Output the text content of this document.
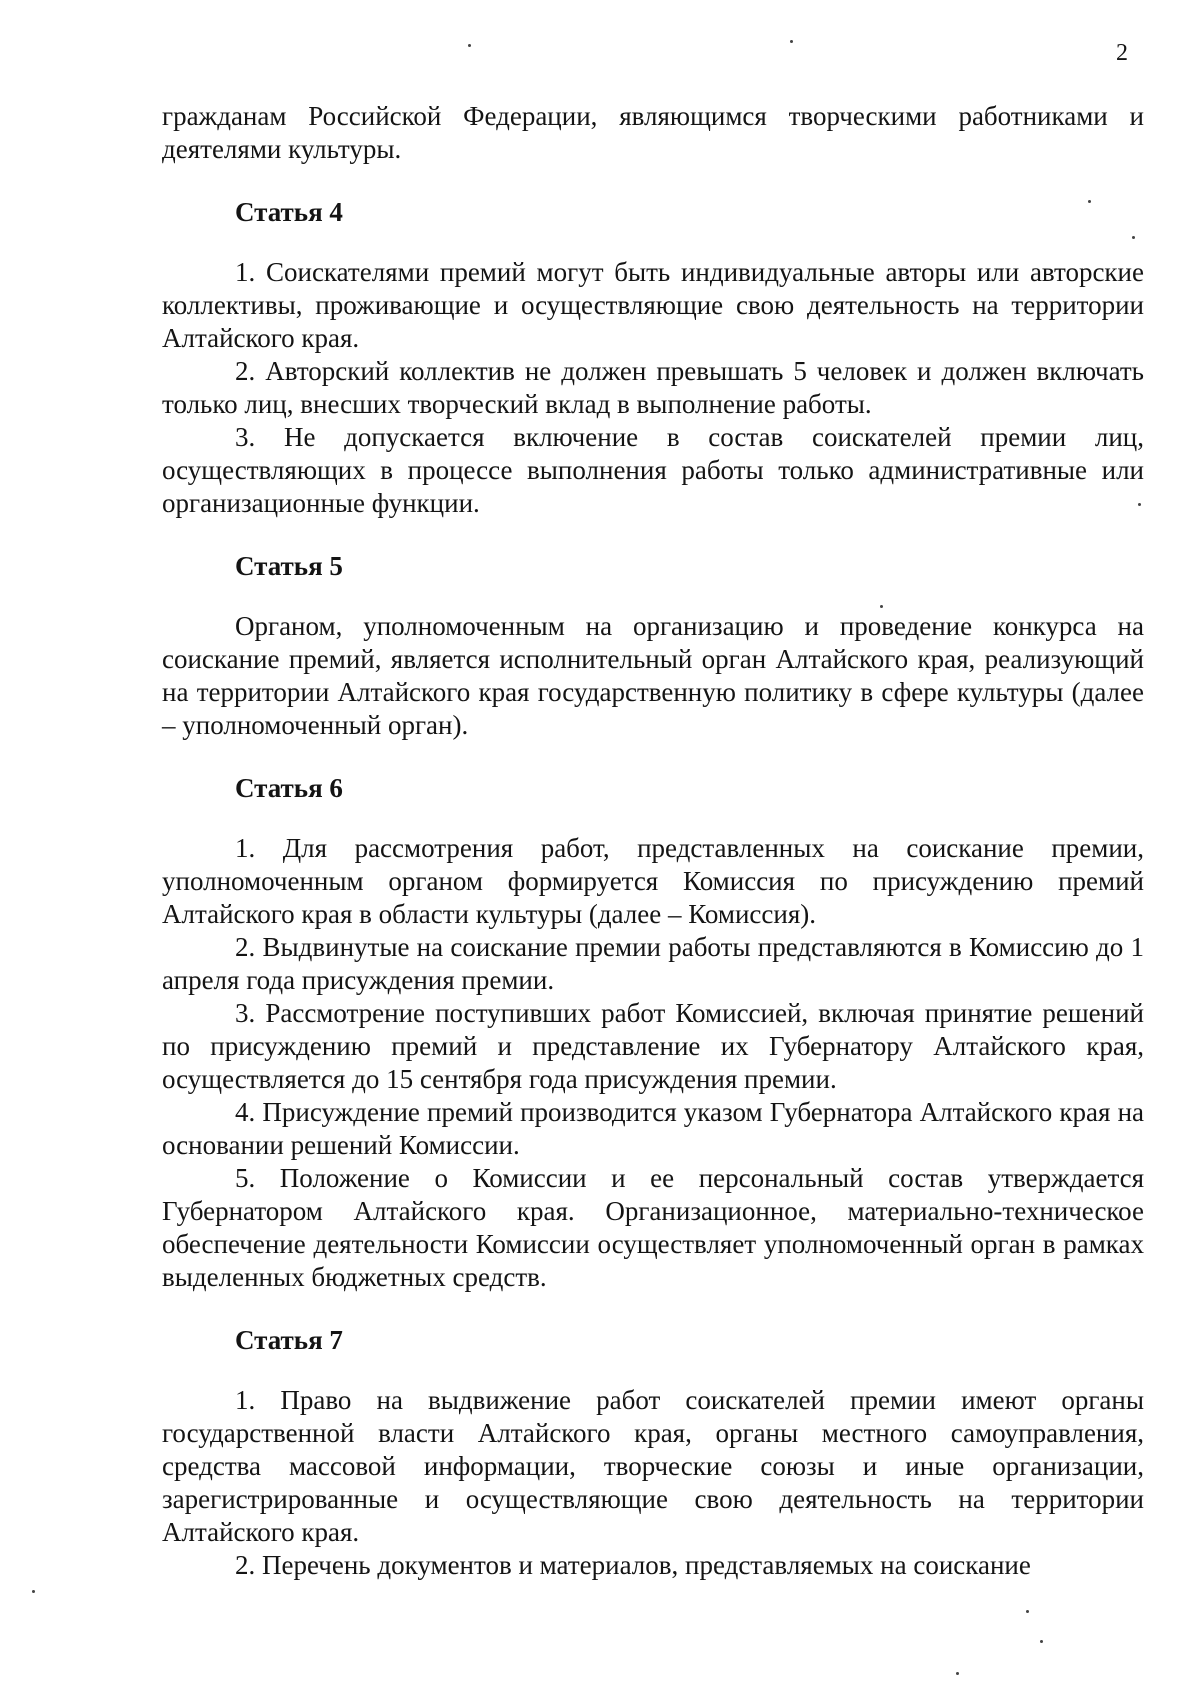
2

гражданам Российской Федерации, являющимся творческими работниками и деятелями культуры.

Статья 4

1. Соискателями премий могут быть индивидуальные авторы или авторские коллективы, проживающие и осуществляющие свою деятельность на территории Алтайского края.

2. Авторский коллектив не должен превышать 5 человек и должен включать только лиц, внесших творческий вклад в выполнение работы.

3. Не допускается включение в состав соискателей премии лиц, осуществляющих в процессе выполнения работы только административные или организационные функции.

Статья 5

Органом, уполномоченным на организацию и проведение конкурса на соискание премий, является исполнительный орган Алтайского края, реализующий на территории Алтайского края государственную политику в сфере культуры (далее – уполномоченный орган).

Статья 6

1. Для рассмотрения работ, представленных на соискание премии, уполномоченным органом формируется Комиссия по присуждению премий Алтайского края в области культуры (далее – Комиссия).

2. Выдвинутые на соискание премии работы представляются в Комиссию до 1 апреля года присуждения премии.

3. Рассмотрение поступивших работ Комиссией, включая принятие решений по присуждению премий и представление их Губернатору Алтайского края, осуществляется до 15 сентября года присуждения премии.

4. Присуждение премий производится указом Губернатора Алтайского края на основании решений Комиссии.

5. Положение о Комиссии и ее персональный состав утверждается Губернатором Алтайского края. Организационное, материально-техническое обеспечение деятельности Комиссии осуществляет уполномоченный орган в рамках выделенных бюджетных средств.

Статья 7

1. Право на выдвижение работ соискателей премии имеют органы государственной власти Алтайского края, органы местного самоуправления, средства массовой информации, творческие союзы и иные организации, зарегистрированные и осуществляющие свою деятельность на территории Алтайского края.

2. Перечень документов и материалов, представляемых на соискание
